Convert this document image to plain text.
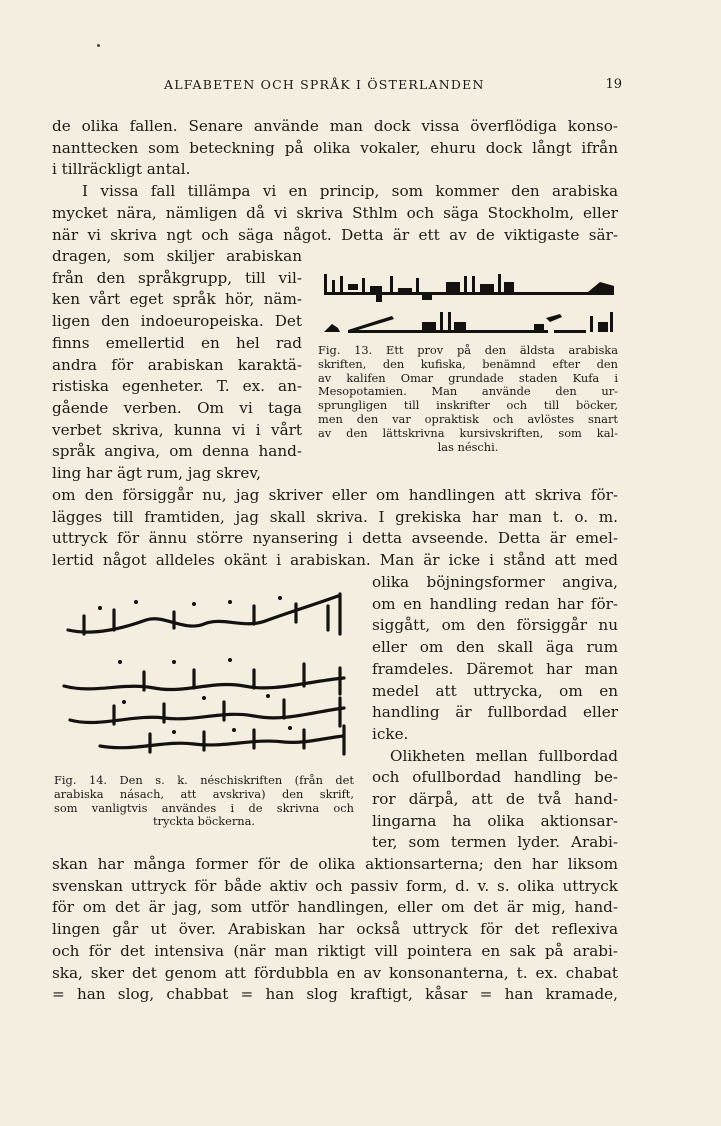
ALFABETEN OCH SPRÅK I ÖSTERLANDEN	19
de olika fallen. Senare använde man dock vissa överflödiga konso-
nanttecken som beteckning på olika vokaler, ehuru dock långt ifrån
i tillräckligt antal.
I vissa fall tillämpa vi en princip, som kommer den arabiska
mycket nära, nämligen då vi skriva Sthlm och säga Stockholm, eller
när vi skriva ngt och säga något. Detta är ett av de viktigaste sär-
dragen, som skiljer arabiskan
från den språkgrupp, till vil-
ken vårt eget språk hör, näm-
ligen den indoeuropeiska. Det
finns emellertid en hel rad
andra för arabiskan karaktä-
ristiska egenheter. T. ex. an-
gående verben. Om vi taga
verbet skriva, kunna vi i vårt
språk angiva, om denna hand-
ling har ägt rum, jag skrev,
Fig. 13. Ett prov på den äldsta arabiska
skriften, den kufiska, benämnd efter den
av kalifen Omar grundade staden Kufa i
Mesopotamien. Man använde den ur-
sprungligen till inskrifter och till böcker,
men den var opraktisk och avlöstes snart
av den lättskrivna kursivskriften, som kal-
las néschi.
om den försiggår nu, jag skriver eller om handlingen att skriva för-
lägges till framtiden, jag skall skriva. I grekiska har man t. o. m.
uttryck för ännu större nyansering i detta avseende. Detta är emel-
lertid något alldeles okänt i arabiskan. Man är icke i stånd att med
Fig. 14. Den s. k. néschiskriften (från det
arabiska násach, att avskriva) den skrift,
som vanligtvis användes i de skrivna och
tryckta böckerna.
olika böjningsformer angiva,
om en handling redan har för-
siggått, om den försiggår nu
eller om den skall äga rum
framdeles. Däremot har man
medel att uttrycka, om en
handling är fullbordad eller
icke.
Olikheten mellan fullbordad
och ofullbordad handling be-
ror därpå, att de två hand-
lingarna ha olika aktionsar-
ter, som termen lyder. Arabi-
skan har många former för de olika aktionsarterna; den har liksom
svenskan uttryck för både aktiv och passiv form, d. v. s. olika uttryck
för om det är jag, som utför handlingen, eller om det är mig, hand-
lingen går ut över. Arabiskan har också uttryck för det reflexiva
och för det intensiva (när man riktigt vill pointera en sak på arabi-
ska, sker det genom att fördubbla en av konsonanterna, t. ex. chabat
= han slog, chabbat = han slog kraftigt, kåsar = han kramade,
